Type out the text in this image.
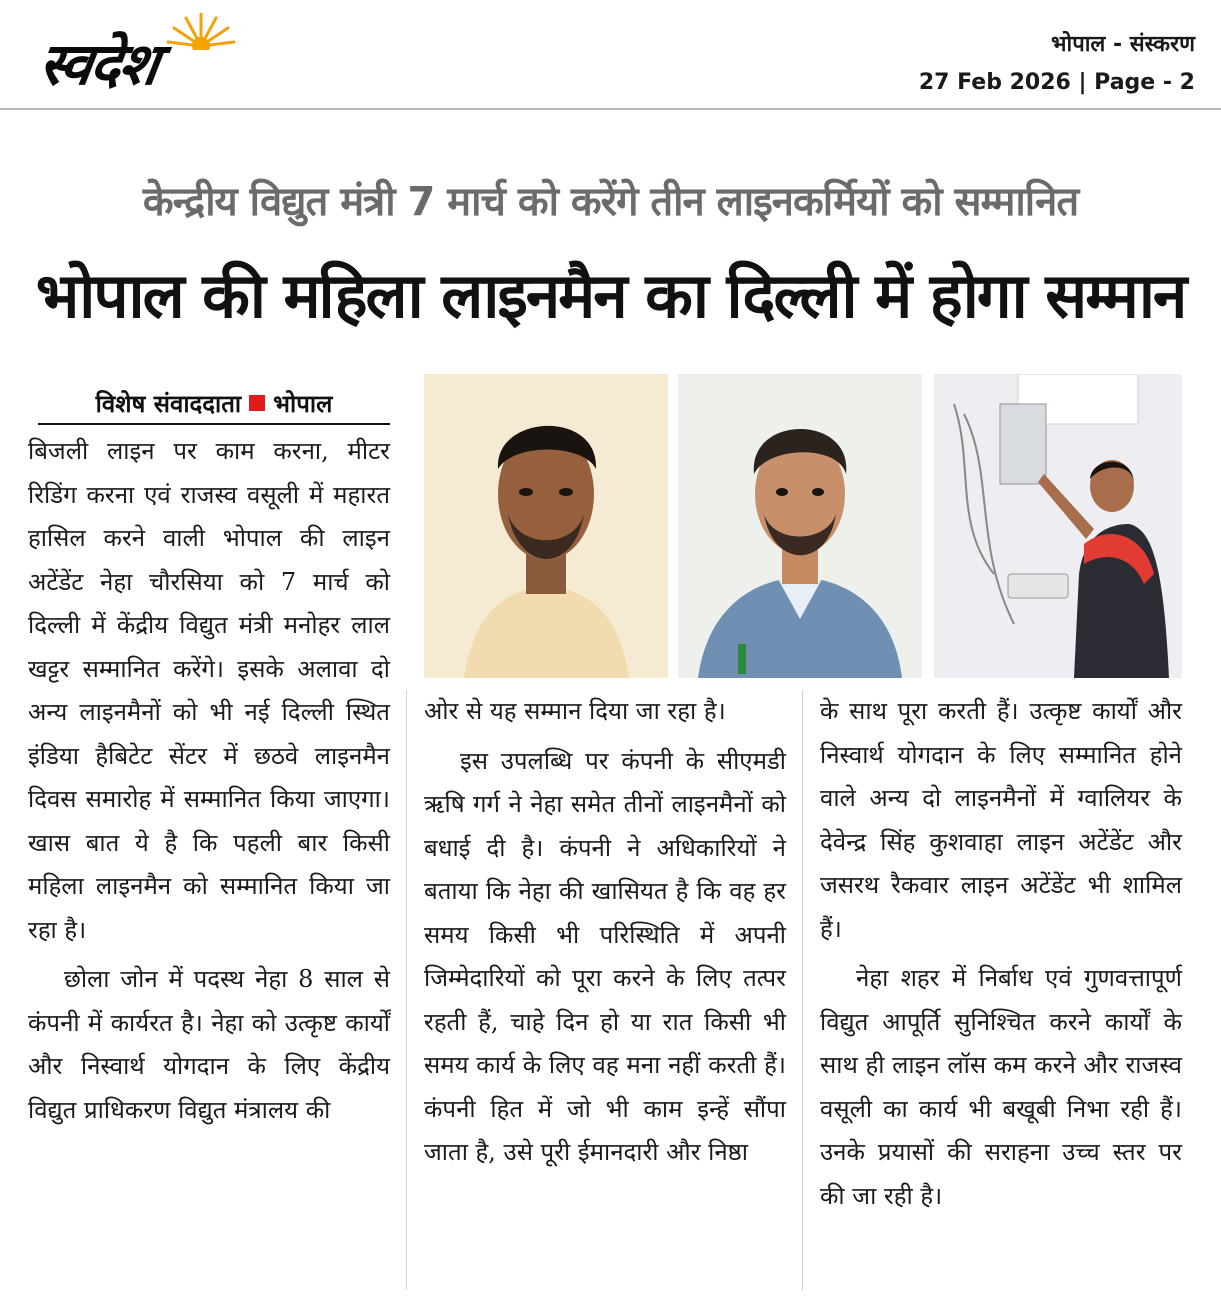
स्वदेश	भोपाल - संस्करण
27 Feb 2026 | Page - 2
केन्द्रीय विद्युत मंत्री 7 मार्च को करेंगे तीन लाइनकर्मियों को सम्मानित
भोपाल की महिला लाइनमैन का दिल्ली में होगा सम्मान
विशेष संवाददाता भोपाल

बिजली लाइन पर काम करना, मीटर रिडिंग करना एवं राजस्व वसूली में महारत हासिल करने वाली भोपाल की लाइन अटेंडेंट नेहा चौरसिया को 7 मार्च को दिल्ली में केंद्रीय विद्युत मंत्री मनोहर लाल खट्टर सम्मानित करेंगे। इसके अलावा दो अन्य लाइनमैनों को भी नई दिल्ली स्थित इंडिया हैबिटेट सेंटर में छठवे लाइनमैन दिवस समारोह में सम्मानित किया जाएगा। खास बात ये है कि पहली बार किसी महिला लाइनमैन को सम्मानित किया जा रहा है।

छोला जोन में पदस्थ नेहा 8 साल से कंपनी में कार्यरत है। नेहा को उत्कृष्ट कार्यों और निस्वार्थ योगदान के लिए केंद्रीय विद्युत प्राधिकरण विद्युत मंत्रालय की

ओर से यह सम्मान दिया जा रहा है।

इस उपलब्धि पर कंपनी के सीएमडी ऋषि गर्ग ने नेहा समेत तीनों लाइनमैनों को बधाई दी है। कंपनी ने अधिकारियों ने बताया कि नेहा की खासियत है कि वह हर समय किसी भी परिस्थिति में अपनी जिम्मेदारियों को पूरा करने के लिए तत्पर रहती हैं, चाहे दिन हो या रात किसी भी समय कार्य के लिए वह मना नहीं करती हैं। कंपनी हित में जो भी काम इन्हें सौंपा जाता है, उसे पूरी ईमानदारी और निष्ठा

के साथ पूरा करती हैं। उत्कृष्ट कार्यों और निस्वार्थ योगदान के लिए सम्मानित होने वाले अन्य दो लाइनमैनों में ग्वालियर के देवेन्द्र सिंह कुशवाहा लाइन अटेंडेंट और जसरथ रैकवार लाइन अटेंडेंट भी शामिल हैं।

नेहा शहर में निर्बाध एवं गुणवत्तापूर्ण विद्युत आपूर्ति सुनिश्चित करने कार्यों के साथ ही लाइन लॉस कम करने और राजस्व वसूली का कार्य भी बखूबी निभा रही हैं। उनके प्रयासों की सराहना उच्च स्तर पर की जा रही है।
